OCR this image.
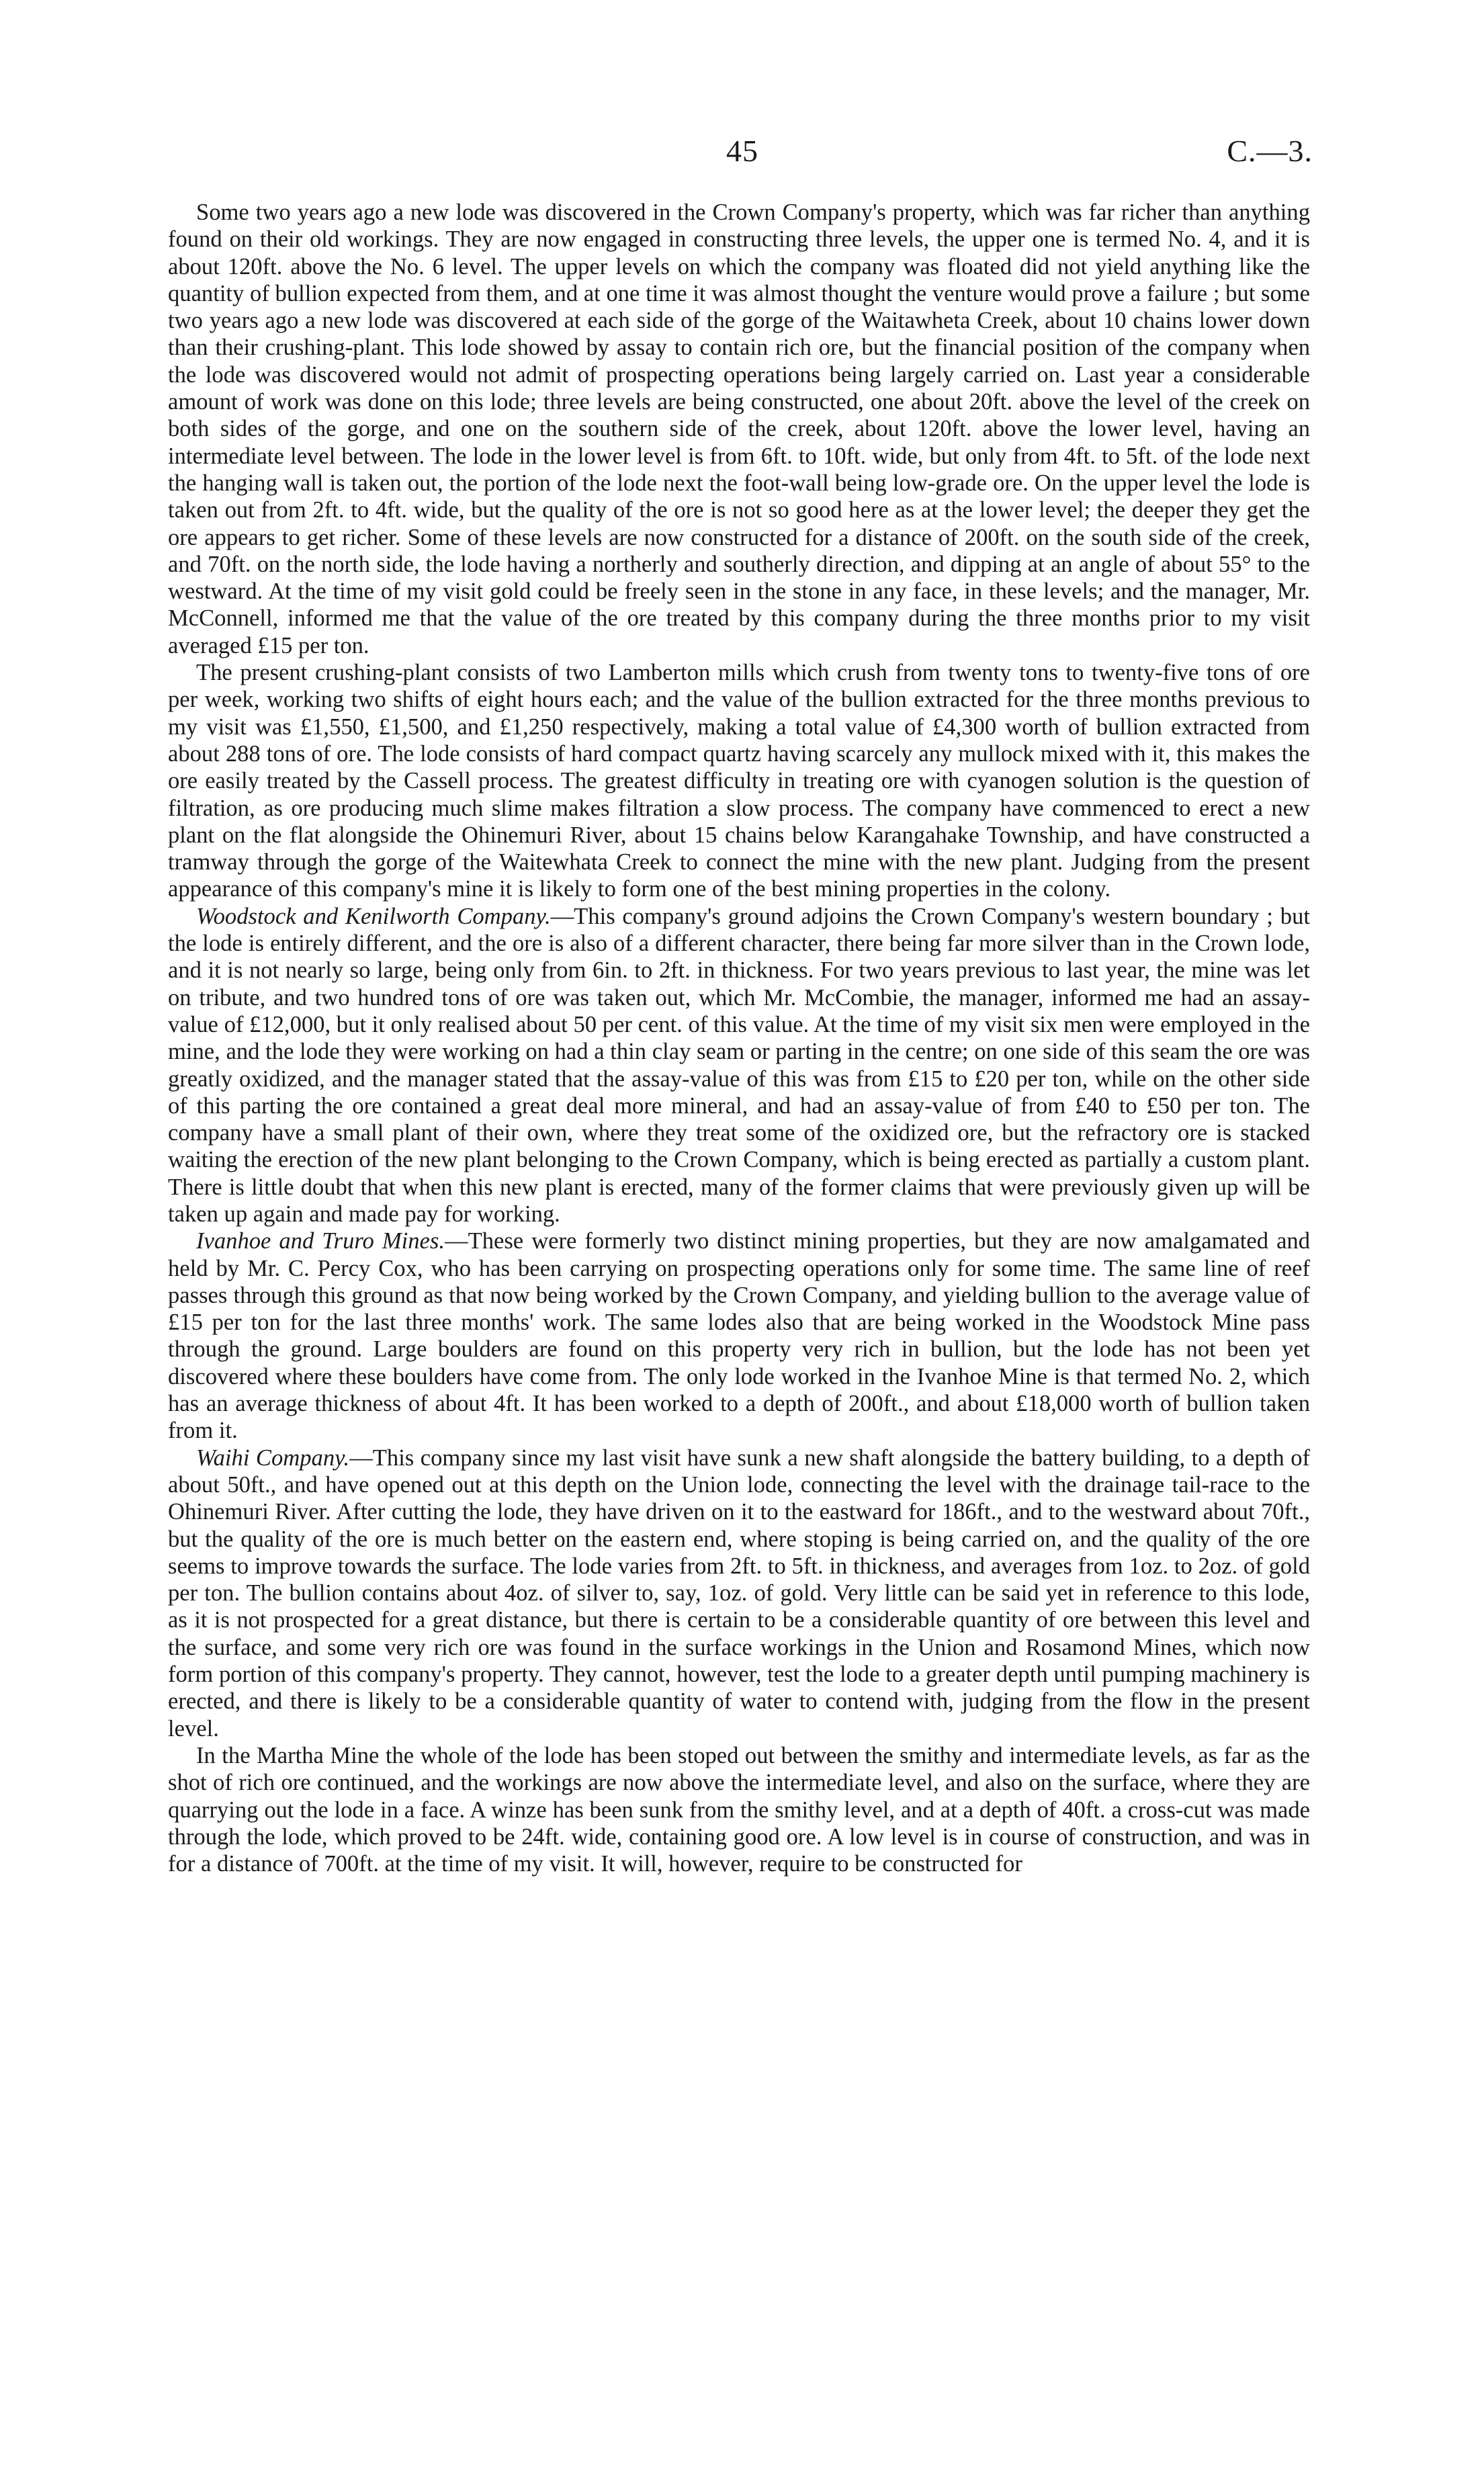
45	C.—3.

Some two years ago a new lode was discovered in the Crown Company's property, which was far richer than anything found on their old workings. They are now engaged in constructing three levels, the upper one is termed No. 4, and it is about 120ft. above the No. 6 level. The upper levels on which the company was floated did not yield anything like the quantity of bullion expected from them, and at one time it was almost thought the venture would prove a failure ; but some two years ago a new lode was discovered at each side of the gorge of the Waitawheta Creek, about 10 chains lower down than their crushing-plant. This lode showed by assay to contain rich ore, but the financial position of the company when the lode was discovered would not admit of prospecting operations being largely carried on. Last year a considerable amount of work was done on this lode; three levels are being constructed, one about 20ft. above the level of the creek on both sides of the gorge, and one on the southern side of the creek, about 120ft. above the lower level, having an intermediate level between. The lode in the lower level is from 6ft. to 10ft. wide, but only from 4ft. to 5ft. of the lode next the hanging wall is taken out, the portion of the lode next the foot-wall being low-grade ore. On the upper level the lode is taken out from 2ft. to 4ft. wide, but the quality of the ore is not so good here as at the lower level; the deeper they get the ore appears to get richer. Some of these levels are now constructed for a distance of 200ft. on the south side of the creek, and 70ft. on the north side, the lode having a northerly and southerly direction, and dipping at an angle of about 55° to the westward. At the time of my visit gold could be freely seen in the stone in any face, in these levels; and the manager, Mr. McConnell, informed me that the value of the ore treated by this company during the three months prior to my visit averaged £15 per ton.

The present crushing-plant consists of two Lamberton mills which crush from twenty tons to twenty-five tons of ore per week, working two shifts of eight hours each; and the value of the bullion extracted for the three months previous to my visit was £1,550, £1,500, and £1,250 respectively, making a total value of £4,300 worth of bullion extracted from about 288 tons of ore. The lode consists of hard compact quartz having scarcely any mullock mixed with it, this makes the ore easily treated by the Cassell process. The greatest difficulty in treating ore with cyanogen solution is the question of filtration, as ore producing much slime makes filtration a slow process. The company have commenced to erect a new plant on the flat alongside the Ohinemuri River, about 15 chains below Karangahake Township, and have constructed a tramway through the gorge of the Waitewhata Creek to connect the mine with the new plant. Judging from the present appearance of this company's mine it is likely to form one of the best mining properties in the colony.

Woodstock and Kenilworth Company.—This company's ground adjoins the Crown Company's western boundary ; but the lode is entirely different, and the ore is also of a different character, there being far more silver than in the Crown lode, and it is not nearly so large, being only from 6in. to 2ft. in thickness. For two years previous to last year, the mine was let on tribute, and two hundred tons of ore was taken out, which Mr. McCombie, the manager, informed me had an assay-value of £12,000, but it only realised about 50 per cent. of this value. At the time of my visit six men were employed in the mine, and the lode they were working on had a thin clay seam or parting in the centre; on one side of this seam the ore was greatly oxidized, and the manager stated that the assay-value of this was from £15 to £20 per ton, while on the other side of this parting the ore contained a great deal more mineral, and had an assay-value of from £40 to £50 per ton. The company have a small plant of their own, where they treat some of the oxidized ore, but the refractory ore is stacked waiting the erection of the new plant belonging to the Crown Company, which is being erected as partially a custom plant. There is little doubt that when this new plant is erected, many of the former claims that were previously given up will be taken up again and made pay for working.

Ivanhoe and Truro Mines.—These were formerly two distinct mining properties, but they are now amalgamated and held by Mr. C. Percy Cox, who has been carrying on prospecting operations only for some time. The same line of reef passes through this ground as that now being worked by the Crown Company, and yielding bullion to the average value of £15 per ton for the last three months' work. The same lodes also that are being worked in the Woodstock Mine pass through the ground. Large boulders are found on this property very rich in bullion, but the lode has not been yet discovered where these boulders have come from. The only lode worked in the Ivanhoe Mine is that termed No. 2, which has an average thickness of about 4ft. It has been worked to a depth of 200ft., and about £18,000 worth of bullion taken from it.

Waihi Company.—This company since my last visit have sunk a new shaft alongside the battery building, to a depth of about 50ft., and have opened out at this depth on the Union lode, connecting the level with the drainage tail-race to the Ohinemuri River. After cutting the lode, they have driven on it to the eastward for 186ft., and to the westward about 70ft., but the quality of the ore is much better on the eastern end, where stoping is being carried on, and the quality of the ore seems to improve towards the surface. The lode varies from 2ft. to 5ft. in thickness, and averages from 1oz. to 2oz. of gold per ton. The bullion contains about 4oz. of silver to, say, 1oz. of gold. Very little can be said yet in reference to this lode, as it is not prospected for a great distance, but there is certain to be a considerable quantity of ore between this level and the surface, and some very rich ore was found in the surface workings in the Union and Rosamond Mines, which now form portion of this company's property. They cannot, however, test the lode to a greater depth until pumping machinery is erected, and there is likely to be a considerable quantity of water to contend with, judging from the flow in the present level.

In the Martha Mine the whole of the lode has been stoped out between the smithy and intermediate levels, as far as the shot of rich ore continued, and the workings are now above the intermediate level, and also on the surface, where they are quarrying out the lode in a face. A winze has been sunk from the smithy level, and at a depth of 40ft. a cross-cut was made through the lode, which proved to be 24ft. wide, containing good ore. A low level is in course of construction, and was in for a distance of 700ft. at the time of my visit. It will, however, require to be constructed for
